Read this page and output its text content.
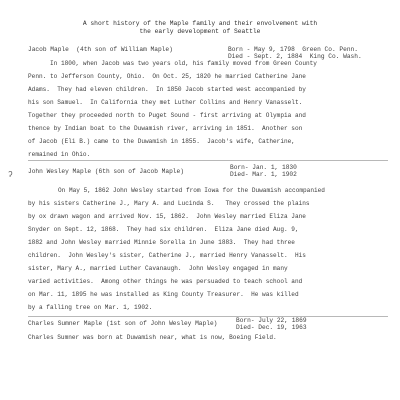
A short history of the Maple family and their envolvement with
the early development of Seattle
Jacob Maple  (4th son of William Maple)	Born - May 9, 1798  Green Co. Penn.
Died - Sept. 2, 1884  King Co. Wash.
In 1800, when Jacob was two years old, his family moved from Green County
Penn. to Jefferson County, Ohio.  On Oct. 25, 1820 he married Catherine Jane
Adams.  They had eleven children.  In 1850 Jacob started west accompanied by
his son Samuel.  In California they met Luther Collins and Henry Vanasselt.
Together they proceeded north to Puget Sound - first arriving at Olympia and
thence by Indian boat to the Duwamish river, arriving in 1851.  Another son
of Jacob (Eli B.) came to the Duwamish in 1855.  Jacob's wife, Catherine,
remained in Ohio.
ʔ John Wesley Maple (6th son of Jacob Maple)
Born- Jan. 1, 1830
Died- Mar. 1, 1902
On May 5, 1862 John Wesley started from Iowa for the Duwamish accompanied
by his sisters Catherine J., Mary A. and Lucinda S.   They crossed the plains
by ox drawn wagon and arrived Nov. 15, 1862.  John Wesley married Eliza Jane
Snyder on Sept. 12, 1868.  They had six children.  Eliza Jane died Aug. 9,
1882 and John Wesley married Minnie Sorella in June 1883.  They had three
children.  John Wesley's sister, Catherine J., married Henry Vanasselt.  His
sister, Mary A., married Luther Cavanaugh.  John Wesley engaged in many
varied activities.  Among other things he was persuaded to teach school and
on Mar. 11, 1895 he was installed as King County Treasurer.  He was killed
by a falling tree on Mar. 1, 1902.
Charles Sumner Maple (1st son of John Wesley Maple)	Born- July 22, 1869
Died- Dec. 19, 1963
Charles Sumner was born at Duwamish near, what is now, Boeing Field.
